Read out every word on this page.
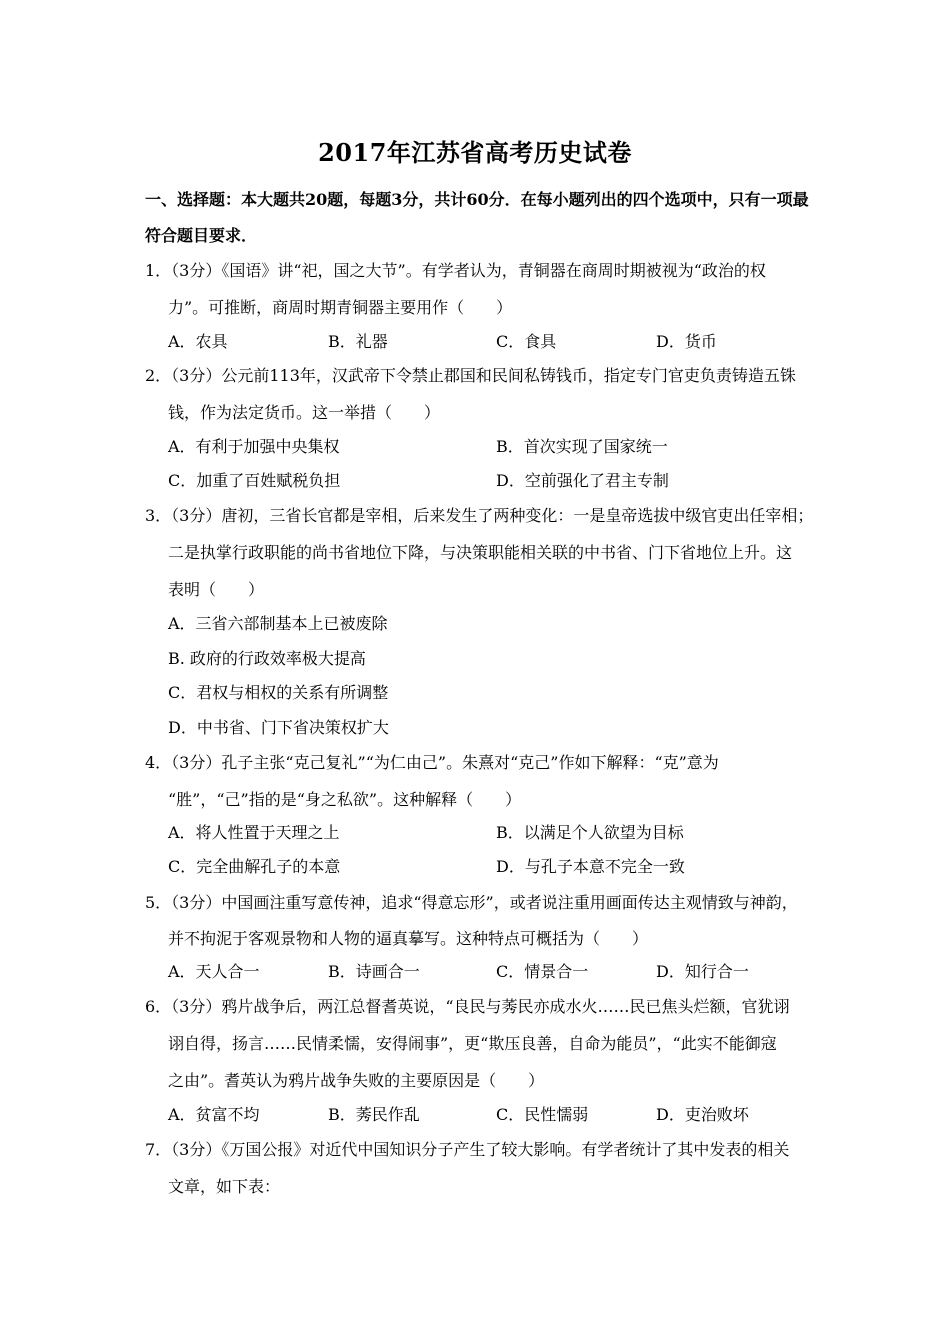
2017年江苏省高考历史试卷
一、选择题：本大题共20题，每题3分，共计60分．在每小题列出的四个选项中，只有一项最
符合题目要求．
1．（3分）《国语》讲“祀，国之大节”。有学者认为，青铜器在商周时期被视为“政治的权
力”。可推断，商周时期青铜器主要用作（　　）
A．农具	B．礼器	C．食具	D．货币
2．（3分）公元前113年，汉武帝下令禁止郡国和民间私铸钱币，指定专门官吏负责铸造五铢
钱，作为法定货币。这一举措（　　）
A．有利于加强中央集权	B．首次实现了国家统一
C．加重了百姓赋税负担	D．空前强化了君主专制
3．（3分）唐初，三省长官都是宰相，后来发生了两种变化：一是皇帝选拔中级官吏出任宰相；
二是执掌行政职能的尚书省地位下降，与决策职能相关联的中书省、门下省地位上升。这
表明（　　）
A．三省六部制基本上已被废除
B. 政府的行政效率极大提高
C．君权与相权的关系有所调整
D．中书省、门下省决策权扩大
4．（3分）孔子主张“克己复礼”“为仁由己”。朱熹对“克己”作如下解释：“克”意为
“胜”，“己”指的是“身之私欲”。这种解释（　　）
A．将人性置于天理之上	B．以满足个人欲望为目标
C．完全曲解孔子的本意	D．与孔子本意不完全一致
5．（3分）中国画注重写意传神，追求“得意忘形”，或者说注重用画面传达主观情致与神韵，
并不拘泥于客观景物和人物的逼真摹写。这种特点可概括为（　　）
A．天人合一	B．诗画合一	C．情景合一	D．知行合一
6．（3分）鸦片战争后，两江总督耆英说，“良民与莠民亦成水火……民已焦头烂额，官犹诩
诩自得，扬言……民情柔懦，安得闹事”，更“欺压良善，自命为能员”，“此实不能御寇
之由”。耆英认为鸦片战争失败的主要原因是（　　）
A．贫富不均	B．莠民作乱	C．民性懦弱	D．吏治败坏
7．（3分）《万国公报》对近代中国知识分子产生了较大影响。有学者统计了其中发表的相关
文章，如下表：
